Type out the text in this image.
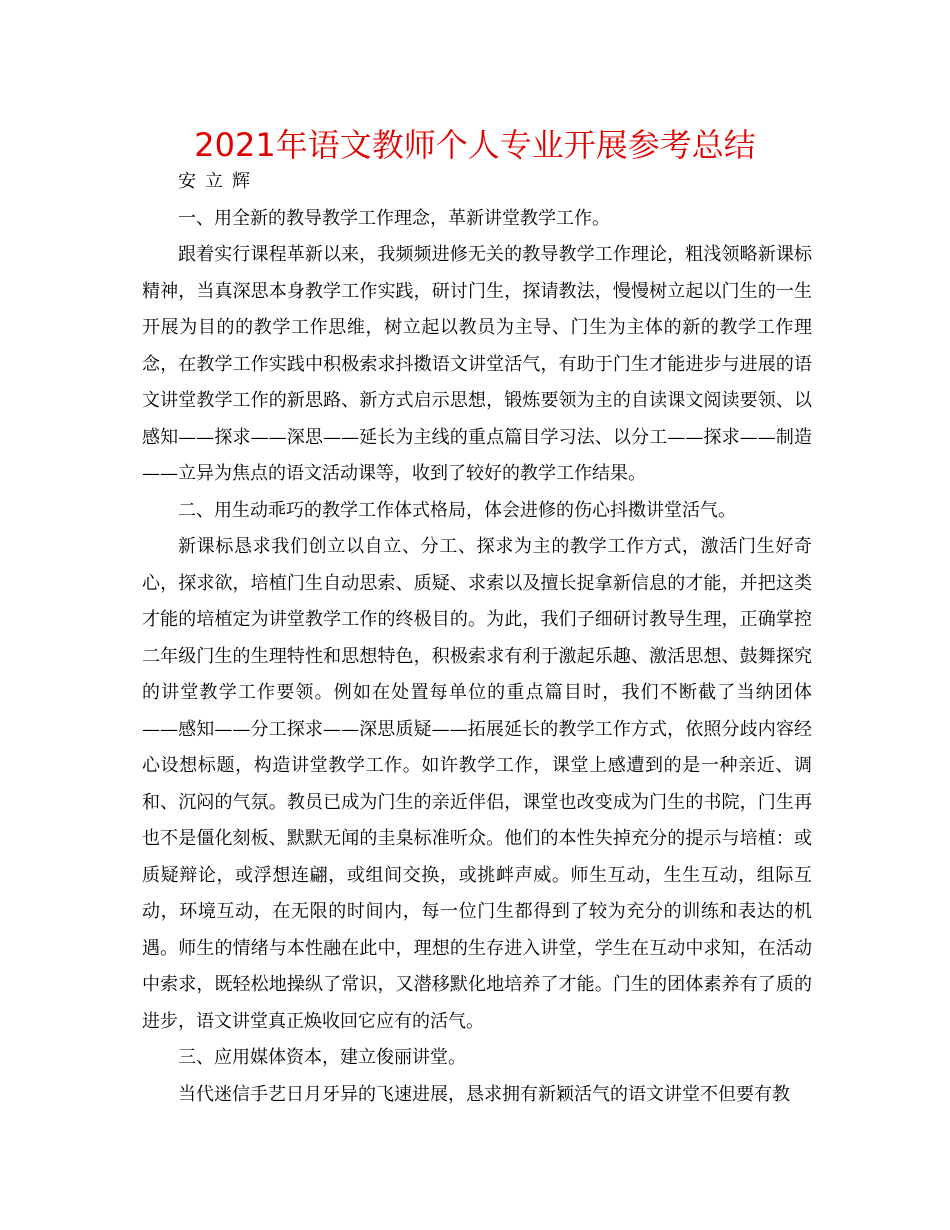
2021年语文教师个人专业开展参考总结

安立辉

一、用全新的教导教学工作理念，革新讲堂教学工作。

跟着实行课程革新以来，我频频进修无关的教导教学工作理论，粗浅领略新课标精神，当真深思本身教学工作实践，研讨门生，探请教法，慢慢树立起以门生的一生开展为目的的教学工作思维，树立起以教员为主导、门生为主体的新的教学工作理念，在教学工作实践中积极索求抖擞语文讲堂活气，有助于门生才能进步与进展的语文讲堂教学工作的新思路、新方式启示思想，锻炼要领为主的自读课文阅读要领、以感知——探求——深思——延长为主线的重点篇目学习法、以分工——探求——制造——立异为焦点的语文活动课等，收到了较好的教学工作结果。

二、用生动乖巧的教学工作体式格局，体会进修的伤心抖擞讲堂活气。

新课标恳求我们创立以自立、分工、探求为主的教学工作方式，激活门生好奇心，探求欲，培植门生自动思索、质疑、求索以及擅长捉拿新信息的才能，并把这类才能的培植定为讲堂教学工作的终极目的。为此，我们子细研讨教导生理，正确掌控二年级门生的生理特性和思想特色，积极索求有利于激起乐趣、激活思想、鼓舞探究的讲堂教学工作要领。例如在处置每单位的重点篇目时，我们不断截了当纳团体 ——感知——分工探求——深思质疑——拓展延长的教学工作方式，依照分歧内容经心设想标题，构造讲堂教学工作。如许教学工作，课堂上感遭到的是一种亲近、调和、沉闷的气氛。教员已成为门生的亲近伴侣，课堂也改变成为门生的书院，门生再也不是僵化刻板、默默无闻的圭臬标准听众。他们的本性失掉充分的提示与培植：或质疑辩论，或浮想连翩，或组间交换，或挑衅声威。师生互动，生生互动，组际互动，环境互动，在无限的时间内，每一位门生都得到了较为充分的训练和表达的机遇。师生的情绪与本性融在此中，理想的生存进入讲堂，学生在互动中求知，在活动中索求，既轻松地操纵了常识，又潜移默化地培养了才能。门生的团体素养有了质的进步，语文讲堂真正焕收回它应有的活气。

三、应用媒体资本，建立俊丽讲堂。

当代迷信手艺日月牙异的飞速进展，恳求拥有新颖活气的语文讲堂不但要有教
